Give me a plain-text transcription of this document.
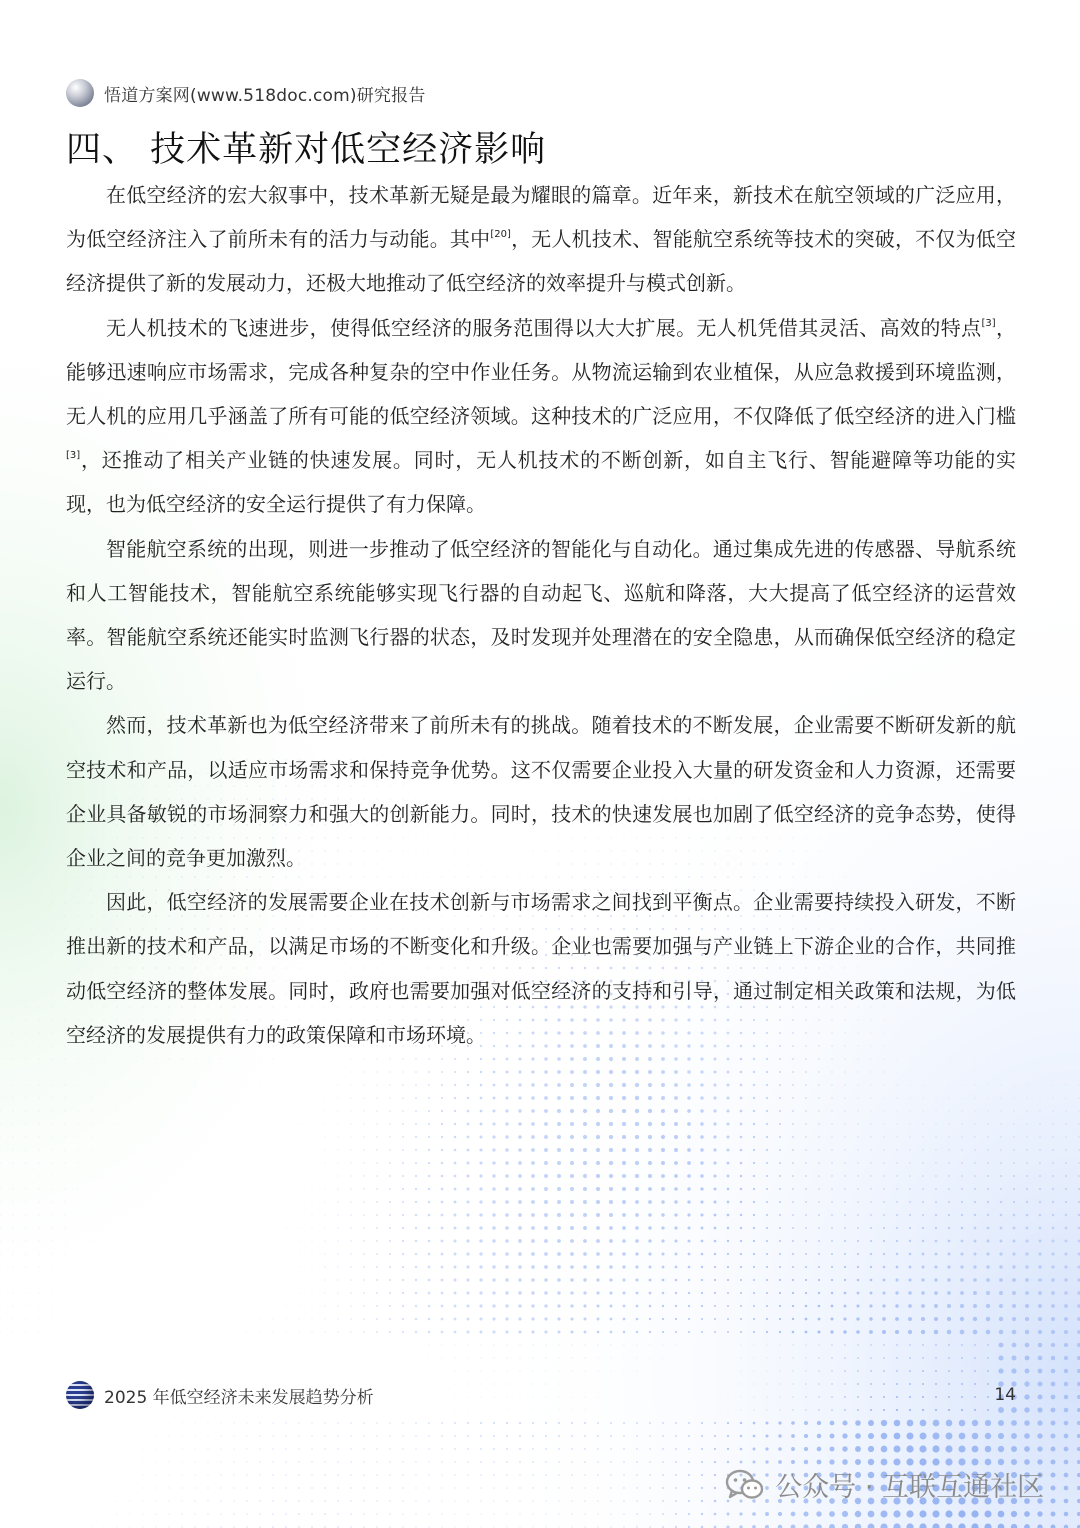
悟道方案网(www.518doc.com)研究报告
四、 技术革新对低空经济影响

在低空经济的宏大叙事中，技术革新无疑是最为耀眼的篇章。近年来，新技术在航空领域的广泛应用，为低空经济注入了前所未有的活力与动能。其中[20]，无人机技术、智能航空系统等技术的突破，不仅为低空经济提供了新的发展动力，还极大地推动了低空经济的效率提升与模式创新。

无人机技术的飞速进步，使得低空经济的服务范围得以大大扩展。无人机凭借其灵活、高效的特点[3]，能够迅速响应市场需求，完成各种复杂的空中作业任务。从物流运输到农业植保，从应急救援到环境监测，无人机的应用几乎涵盖了所有可能的低空经济领域。这种技术的广泛应用，不仅降低了低空经济的进入门槛[3]，还推动了相关产业链的快速发展。同时，无人机技术的不断创新，如自主飞行、智能避障等功能的实现，也为低空经济的安全运行提供了有力保障。

智能航空系统的出现，则进一步推动了低空经济的智能化与自动化。通过集成先进的传感器、导航系统和人工智能技术，智能航空系统能够实现飞行器的自动起飞、巡航和降落，大大提高了低空经济的运营效率。智能航空系统还能实时监测飞行器的状态，及时发现并处理潜在的安全隐患，从而确保低空经济的稳定运行。

然而，技术革新也为低空经济带来了前所未有的挑战。随着技术的不断发展，企业需要不断研发新的航空技术和产品，以适应市场需求和保持竞争优势。这不仅需要企业投入大量的研发资金和人力资源，还需要企业具备敏锐的市场洞察力和强大的创新能力。同时，技术的快速发展也加剧了低空经济的竞争态势，使得企业之间的竞争更加激烈。

因此，低空经济的发展需要企业在技术创新与市场需求之间找到平衡点。企业需要持续投入研发，不断推出新的技术和产品，以满足市场的不断变化和升级。企业也需要加强与产业链上下游企业的合作，共同推动低空经济的整体发展。同时，政府也需要加强对低空经济的支持和引导，通过制定相关政策和法规，为低空经济的发展提供有力的政策保障和市场环境。

2025 年低空经济未来发展趋势分析	14
公众号 · 互联互通社区
